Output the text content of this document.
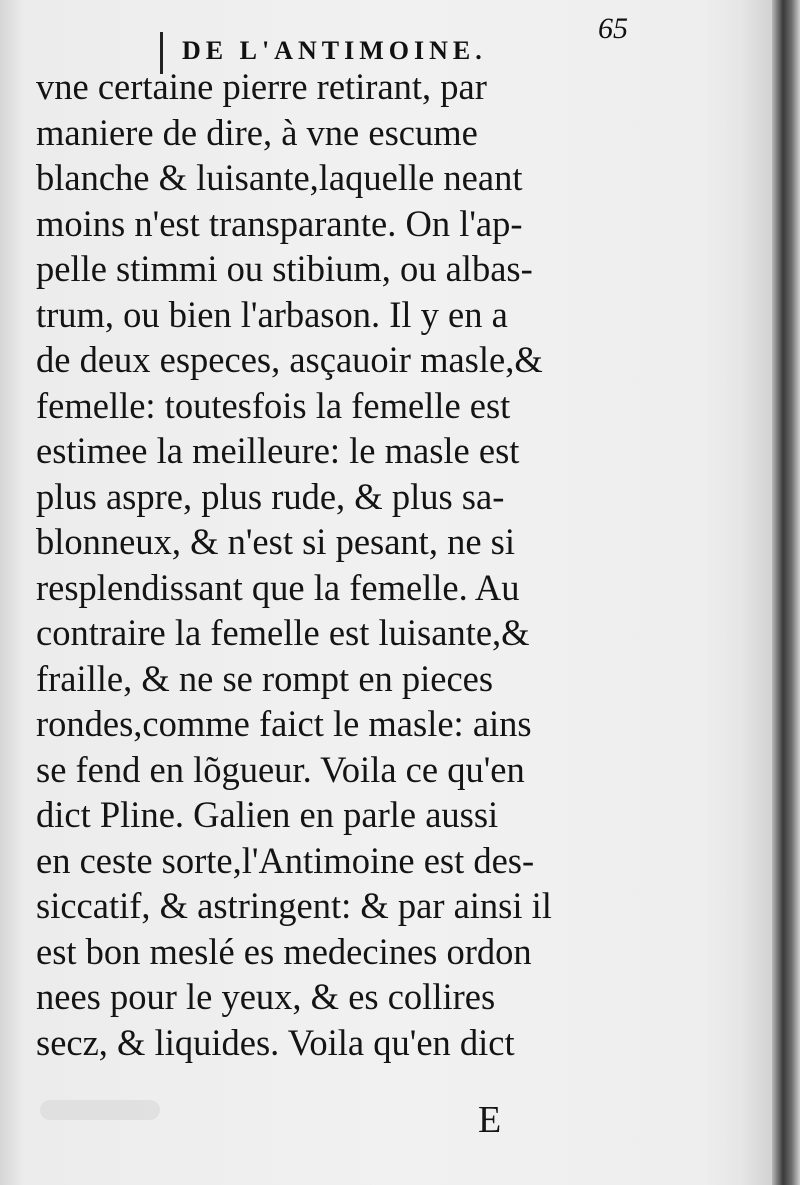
DE L'ANTIMOINE.
65
vne certaine pierre retirant, par
maniere de dire, à vne escume
blanche & luisante,laquelle neant
moins n'est transparante. On l'ap-
pelle stimmi ou stibium, ou albas-
trum, ou bien l'arbason. Il y en a
de deux especes, asçauoir masle,&
femelle: toutesfois la femelle est
estimee la meilleure: le masle est
plus aspre, plus rude, & plus sa-
blonneux, & n'est si pesant, ne si
resplendissant que la femelle. Au
contraire la femelle est luisante,&
fraille, & ne se rompt en pieces
rondes,comme faict le masle: ains
se fend en lõgueur. Voila ce qu'en
dict Pline. Galien en parle aussi
en ceste sorte,l'Antimoine est des-
siccatif, & astringent: & par ainsi il
est bon meslé es medecines ordon
nees pour le yeux, & es collires
secz, & liquides. Voila qu'en dict
E
